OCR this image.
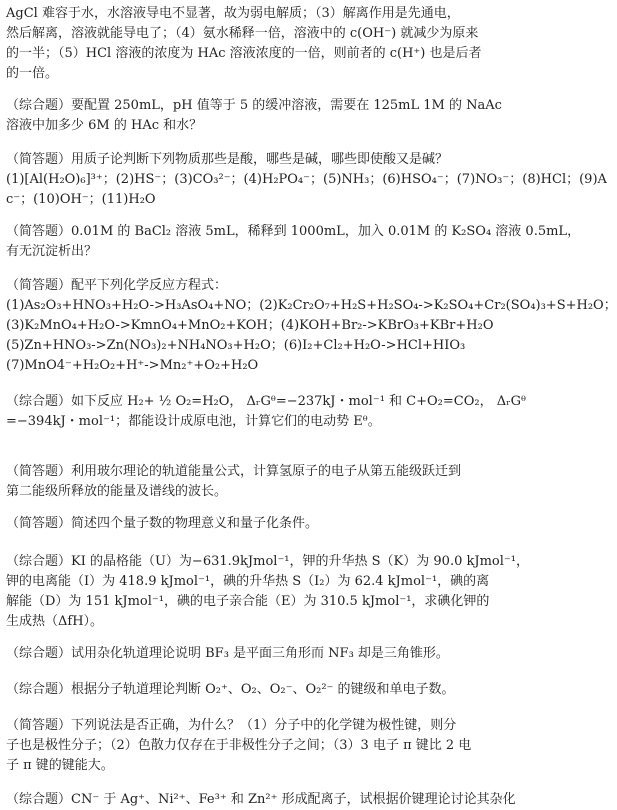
AgCl 难容于水，水溶液导电不显著，故为弱电解质；（3）解离作用是先通电，
然后解离，溶液就能导电了；（4）氨水稀释一倍，溶液中的 c(OH⁻) 就减少为原来
的一半；（5）HCl 溶液的浓度为 HAc 溶液浓度的一倍，则前者的 c(H⁺) 也是后者
的一倍。
（综合题）要配置 250mL，pH 值等于 5 的缓冲溶液，需要在 125mL 1M 的 NaAc
溶液中加多少 6M 的 HAc 和水？
（简答题）用质子论判断下列物质那些是酸，哪些是碱，哪些即使酸又是碱？
(1)[Al(H₂O)₆]³⁺；(2)HS⁻；(3)CO₃²⁻；(4)H₂PO₄⁻；(5)NH₃；(6)HSO₄⁻；(7)NO₃⁻；(8)HCl；(9)A
c⁻；(10)OH⁻；(11)H₂O
（简答题）0.01M 的 BaCl₂ 溶液 5mL，稀释到 1000mL，加入 0.01M 的 K₂SO₄ 溶液 0.5mL，
有无沉淀析出？
（简答题）配平下列化学反应方程式：
(1)As₂O₃+HNO₃+H₂O->H₃AsO₄+NO；(2)K₂Cr₂O₇+H₂S+H₂SO₄->K₂SO₄+Cr₂(SO₄)₃+S+H₂O；
(3)K₂MnO₄+H₂O->KmnO₄+MnO₂+KOH；(4)KOH+Br₂->KBrO₃+KBr+H₂O
(5)Zn+HNO₃->Zn(NO₃)₂+NH₄NO₃+H₂O；(6)I₂+Cl₂+H₂O->HCl+HIO₃
(7)MnO4⁻+H₂O₂+H⁺->Mn₂⁺+O₂+H₂O
（综合题）如下反应 H₂+ ½ O₂=H₂O， ΔᵣGᶿ=−237kJ・mol⁻¹ 和 C+O₂=CO₂， ΔᵣGᶿ
=−394kJ・mol⁻¹；都能设计成原电池，计算它们的电动势 Eᶿ。
（简答题）利用玻尔理论的轨道能量公式，计算氢原子的电子从第五能级跃迁到
第二能级所释放的能量及谱线的波长。
（简答题）简述四个量子数的物理意义和量子化条件。
（综合题）KI 的晶格能（U）为−631.9kJmol⁻¹，钾的升华热 S（K）为 90.0 kJmol⁻¹，
钾的电离能（I）为 418.9 kJmol⁻¹，碘的升华热 S（I₂）为 62.4 kJmol⁻¹，碘的离
解能（D）为 151 kJmol⁻¹，碘的电子亲合能（E）为 310.5 kJmol⁻¹，求碘化钾的
生成热（ΔfH）。
（综合题）试用杂化轨道理论说明 BF₃ 是平面三角形而 NF₃ 却是三角锥形。
（综合题）根据分子轨道理论判断 O₂⁺、O₂、O₂⁻、O₂²⁻ 的键级和单电子数。
（简答题）下列说法是否正确，为什么？（1）分子中的化学键为极性键，则分
子也是极性分子；（2）色散力仅存在于非极性分子之间；（3）3 电子 π 键比 2 电
子 π 键的键能大。
（综合题）CN⁻ 于 Ag⁺、Ni²⁺、Fe³⁺ 和 Zn²⁺ 形成配离子，试根据价键理论讨论其杂化
